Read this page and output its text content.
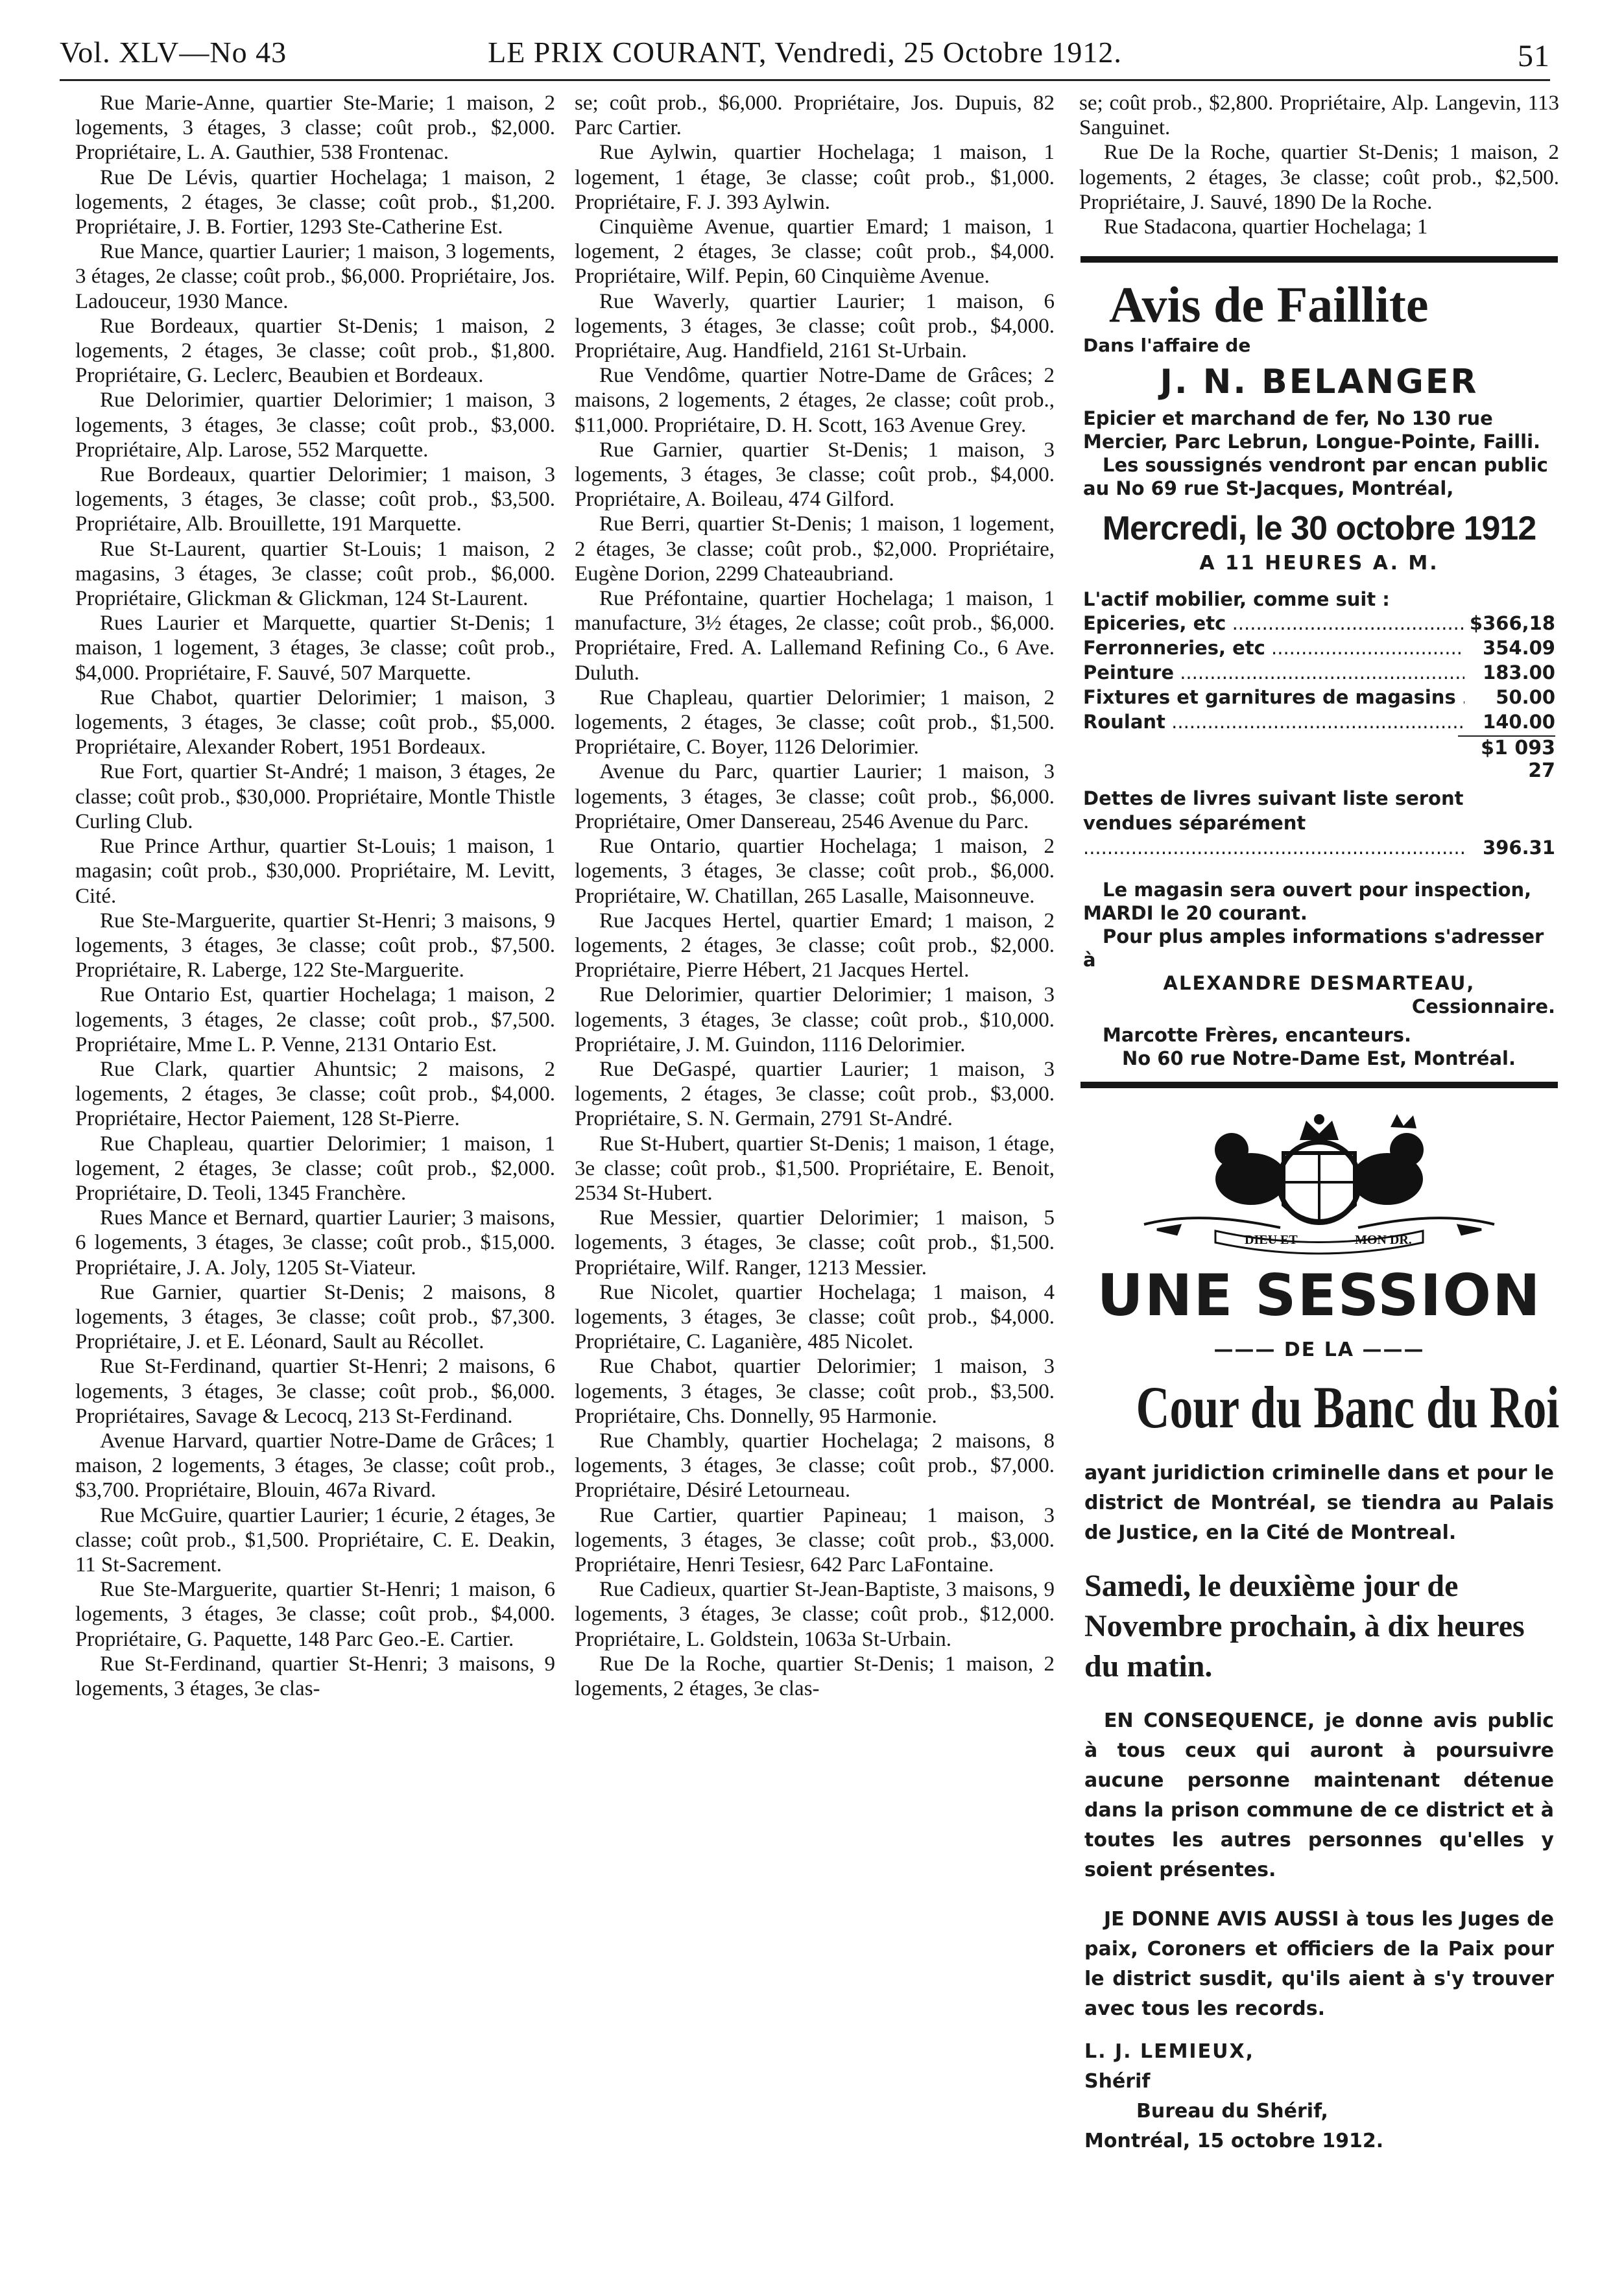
Vol. XLV—No 43	LE PRIX COURANT, Vendredi, 25 Octobre 1912.	51

Rue Marie-Anne, quartier Ste-Marie; 1 maison, 2 logements, 3 étages, 3 classe; coût prob., $2,000. Propriétaire, L. A. Gauthier, 538 Frontenac.

Rue De Lévis, quartier Hochelaga; 1 maison, 2 logements, 2 étages, 3e classe; coût prob., $1,200. Propriétaire, J. B. Fortier, 1293 Ste-Catherine Est.

Rue Mance, quartier Laurier; 1 maison, 3 logements, 3 étages, 2e classe; coût prob., $6,000. Propriétaire, Jos. Ladouceur, 1930 Mance.

Rue Bordeaux, quartier St-Denis; 1 maison, 2 logements, 2 étages, 3e classe; coût prob., $1,800. Propriétaire, G. Leclerc, Beaubien et Bordeaux.

Rue Delorimier, quartier Delorimier; 1 maison, 3 logements, 3 étages, 3e classe; coût prob., $3,000. Propriétaire, Alp. Larose, 552 Marquette.

Rue Bordeaux, quartier Delorimier; 1 maison, 3 logements, 3 étages, 3e classe; coût prob., $3,500. Propriétaire, Alb. Brouillette, 191 Marquette.

Rue St-Laurent, quartier St-Louis; 1 maison, 2 magasins, 3 étages, 3e classe; coût prob., $6,000. Propriétaire, Glickman & Glickman, 124 St-Laurent.

Rues Laurier et Marquette, quartier St-Denis; 1 maison, 1 logement, 3 étages, 3e classe; coût prob., $4,000. Propriétaire, F. Sauvé, 507 Marquette.

Rue Chabot, quartier Delorimier; 1 maison, 3 logements, 3 étages, 3e classe; coût prob., $5,000. Propriétaire, Alexander Robert, 1951 Bordeaux.

Rue Fort, quartier St-André; 1 maison, 3 étages, 2e classe; coût prob., $30,000. Propriétaire, Montle Thistle Curling Club.

Rue Prince Arthur, quartier St-Louis; 1 maison, 1 magasin; coût prob., $30,000. Propriétaire, M. Levitt, Cité.

Rue Ste-Marguerite, quartier St-Henri; 3 maisons, 9 logements, 3 étages, 3e classe; coût prob., $7,500. Propriétaire, R. Laberge, 122 Ste-Marguerite.

Rue Ontario Est, quartier Hochelaga; 1 maison, 2 logements, 3 étages, 2e classe; coût prob., $7,500. Propriétaire, Mme L. P. Venne, 2131 Ontario Est.

Rue Clark, quartier Ahuntsic; 2 maisons, 2 logements, 2 étages, 3e classe; coût prob., $4,000. Propriétaire, Hector Paiement, 128 St-Pierre.

Rue Chapleau, quartier Delorimier; 1 maison, 1 logement, 2 étages, 3e classe; coût prob., $2,000. Propriétaire, D. Teoli, 1345 Franchère.

Rues Mance et Bernard, quartier Laurier; 3 maisons, 6 logements, 3 étages, 3e classe; coût prob., $15,000. Propriétaire, J. A. Joly, 1205 St-Viateur.

Rue Garnier, quartier St-Denis; 2 maisons, 8 logements, 3 étages, 3e classe; coût prob., $7,300. Propriétaire, J. et E. Léonard, Sault au Récollet.

Rue St-Ferdinand, quartier St-Henri; 2 maisons, 6 logements, 3 étages, 3e classe; coût prob., $6,000. Propriétaires, Savage & Lecocq, 213 St-Ferdinand.

Avenue Harvard, quartier Notre-Dame de Grâces; 1 maison, 2 logements, 3 étages, 3e classe; coût prob., $3,700. Propriétaire, Blouin, 467a Rivard.

Rue McGuire, quartier Laurier; 1 écurie, 2 étages, 3e classe; coût prob., $1,500. Propriétaire, C. E. Deakin, 11 St-Sacrement.

Rue Ste-Marguerite, quartier St-Henri; 1 maison, 6 logements, 3 étages, 3e classe; coût prob., $4,000. Propriétaire, G. Paquette, 148 Parc Geo.-E. Cartier.

Rue St-Ferdinand, quartier St-Henri; 3 maisons, 9 logements, 3 étages, 3e clas-

se; coût prob., $6,000. Propriétaire, Jos. Dupuis, 82 Parc Cartier.

Rue Aylwin, quartier Hochelaga; 1 maison, 1 logement, 1 étage, 3e classe; coût prob., $1,000. Propriétaire, F. J. 393 Aylwin.

Cinquième Avenue, quartier Emard; 1 maison, 1 logement, 2 étages, 3e classe; coût prob., $4,000. Propriétaire, Wilf. Pepin, 60 Cinquième Avenue.

Rue Waverly, quartier Laurier; 1 maison, 6 logements, 3 étages, 3e classe; coût prob., $4,000. Propriétaire, Aug. Handfield, 2161 St-Urbain.

Rue Vendôme, quartier Notre-Dame de Grâces; 2 maisons, 2 logements, 2 étages, 2e classe; coût prob., $11,000. Propriétaire, D. H. Scott, 163 Avenue Grey.

Rue Garnier, quartier St-Denis; 1 maison, 3 logements, 3 étages, 3e classe; coût prob., $4,000. Propriétaire, A. Boileau, 474 Gilford.

Rue Berri, quartier St-Denis; 1 maison, 1 logement, 2 étages, 3e classe; coût prob., $2,000. Propriétaire, Eugène Dorion, 2299 Chateaubriand.

Rue Préfontaine, quartier Hochelaga; 1 maison, 1 manufacture, 3½ étages, 2e classe; coût prob., $6,000. Propriétaire, Fred. A. Lallemand Refining Co., 6 Ave. Duluth.

Rue Chapleau, quartier Delorimier; 1 maison, 2 logements, 2 étages, 3e classe; coût prob., $1,500. Propriétaire, C. Boyer, 1126 Delorimier.

Avenue du Parc, quartier Laurier; 1 maison, 3 logements, 3 étages, 3e classe; coût prob., $6,000. Propriétaire, Omer Dansereau, 2546 Avenue du Parc.

Rue Ontario, quartier Hochelaga; 1 maison, 2 logements, 3 étages, 3e classe; coût prob., $6,000. Propriétaire, W. Chatillan, 265 Lasalle, Maisonneuve.

Rue Jacques Hertel, quartier Emard; 1 maison, 2 logements, 2 étages, 3e classe; coût prob., $2,000. Propriétaire, Pierre Hébert, 21 Jacques Hertel.

Rue Delorimier, quartier Delorimier; 1 maison, 3 logements, 3 étages, 3e classe; coût prob., $10,000. Propriétaire, J. M. Guindon, 1116 Delorimier.

Rue DeGaspé, quartier Laurier; 1 maison, 3 logements, 2 étages, 3e classe; coût prob., $3,000. Propriétaire, S. N. Germain, 2791 St-André.

Rue St-Hubert, quartier St-Denis; 1 maison, 1 étage, 3e classe; coût prob., $1,500. Propriétaire, E. Benoit, 2534 St-Hubert.

Rue Messier, quartier Delorimier; 1 maison, 5 logements, 3 étages, 3e classe; coût prob., $1,500. Propriétaire, Wilf. Ranger, 1213 Messier.

Rue Nicolet, quartier Hochelaga; 1 maison, 4 logements, 3 étages, 3e classe; coût prob., $4,000. Propriétaire, C. Laganière, 485 Nicolet.

Rue Chabot, quartier Delorimier; 1 maison, 3 logements, 3 étages, 3e classe; coût prob., $3,500. Propriétaire, Chs. Donnelly, 95 Harmonie.

Rue Chambly, quartier Hochelaga; 2 maisons, 8 logements, 3 étages, 3e classe; coût prob., $7,000. Propriétaire, Désiré Letourneau.

Rue Cartier, quartier Papineau; 1 maison, 3 logements, 3 étages, 3e classe; coût prob., $3,000. Propriétaire, Henri Tesiesr, 642 Parc LaFontaine.

Rue Cadieux, quartier St-Jean-Baptiste, 3 maisons, 9 logements, 3 étages, 3e classe; coût prob., $12,000. Propriétaire, L. Goldstein, 1063a St-Urbain.

Rue De la Roche, quartier St-Denis; 1 maison, 2 logements, 2 étages, 3e clas-

se; coût prob., $2,800. Propriétaire, Alp. Langevin, 113 Sanguinet.

Rue De la Roche, quartier St-Denis; 1 maison, 2 logements, 2 étages, 3e classe; coût prob., $2,500. Propriétaire, J. Sauvé, 1890 De la Roche.

Rue Stadacona, quartier Hochelaga; 1

Avis de Faillite
Dans l'affaire de
J. N. BELANGER
Epicier et marchand de fer, No 130 rue Mercier, Parc Lebrun, Longue-Pointe, Failli.
Les soussignés vendront par encan public au No 69 rue St-Jacques, Montréal,
Mercredi, le 30 octobre 1912
A 11 HEURES A. M.
L'actif mobilier, comme suit :
Epiceries, etc .....	$366,18
Ferronneries, etc .....	354.09
Peinture .....	183.00
Fixtures et garnitures de magasins .....	50.00
Roulant .....	140.00
$1 093 27
Dettes de livres suivant liste seront vendues séparément .....
396.31
Le magasin sera ouvert pour inspection, MARDI le 20 courant.
Pour plus amples informations s'adresser à
ALEXANDRE DESMARTEAU,
Cessionnaire.
Marcotte Frères, encanteurs.
No 60 rue Notre-Dame Est, Montréal.
DIEU ET	MON DR.
UNE SESSION
——— DE LA ———
Cour du Banc du Roi
ayant juridiction criminelle dans et pour le district de Montréal, se tiendra au Palais de Justice, en la Cité de Montreal.
Samedi, le deuxième jour de Novembre prochain, à dix heures du matin.
EN CONSEQUENCE, je donne avis public à tous ceux qui auront à poursuivre aucune personne maintenant détenue dans la prison commune de ce district et à toutes les autres personnes qu'elles y soient présentes.
JE DONNE AVIS AUSSI à tous les Juges de paix, Coroners et officiers de la Paix pour le district susdit, qu'ils aient à s'y trouver avec tous les records.
L. J. LEMIEUX,
Shérif
Bureau du Shérif,
Montréal, 15 octobre 1912.
